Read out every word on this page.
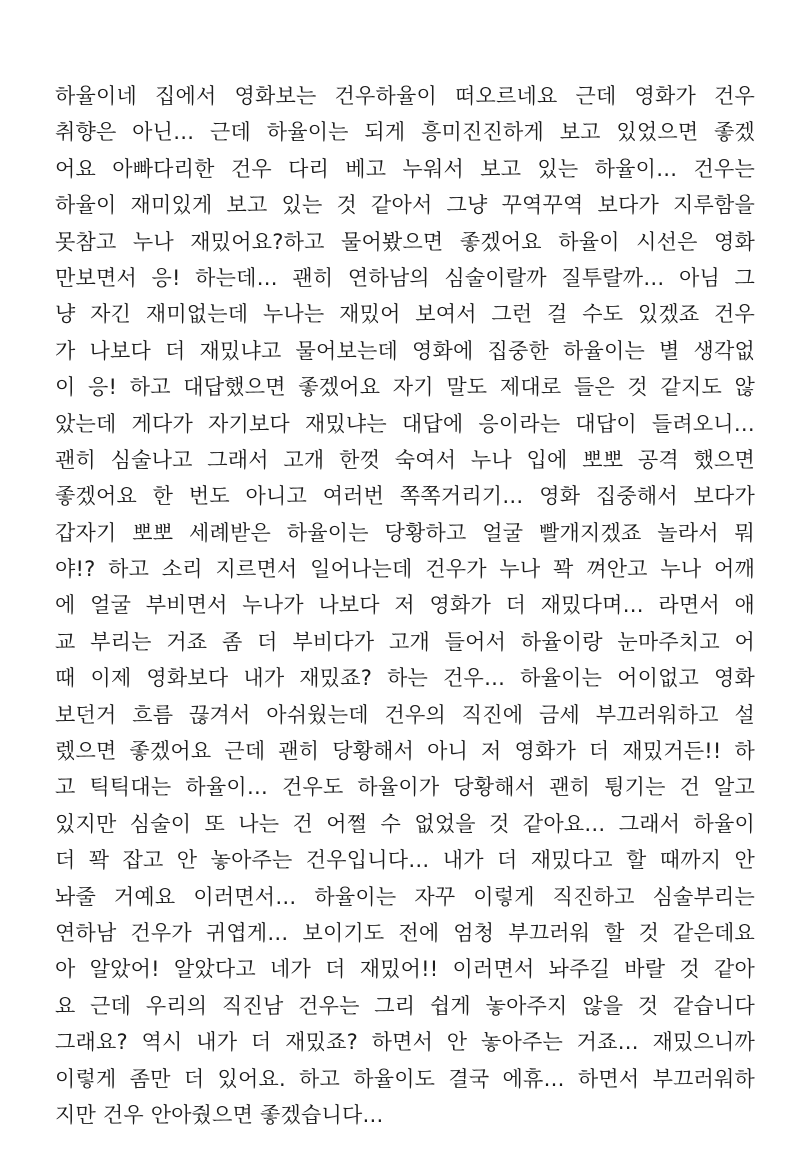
하율이네 집에서 영화보는 건우하율이 떠오르네요 근데 영화가 건우
취향은 아닌… 근데 하율이는 되게 흥미진진하게 보고 있었으면 좋겠
어요 아빠다리한 건우 다리 베고 누워서 보고 있는 하율이… 건우는
하율이 재미있게 보고 있는 것 같아서 그냥 꾸역꾸역 보다가 지루함을
못참고 누나 재밌어요?하고 물어봤으면 좋겠어요 하율이 시선은 영화
만보면서 응! 하는데… 괜히 연하남의 심술이랄까 질투랄까… 아님 그
냥 자긴 재미없는데 누나는 재밌어 보여서 그런 걸 수도 있겠죠 건우
가 나보다 더 재밌냐고 물어보는데 영화에 집중한 하율이는 별 생각없
이 응! 하고 대답했으면 좋겠어요 자기 말도 제대로 들은 것 같지도 않
았는데 게다가 자기보다 재밌냐는 대답에 응이라는 대답이 들려오니…
괜히 심술나고 그래서 고개 한껏 숙여서 누나 입에 뽀뽀 공격 했으면
좋겠어요 한 번도 아니고 여러번 쪽쪽거리기… 영화 집중해서 보다가
갑자기 뽀뽀 세례받은 하율이는 당황하고 얼굴 빨개지겠죠 놀라서 뭐
야!? 하고 소리 지르면서 일어나는데 건우가 누나 꽉 껴안고 누나 어깨
에 얼굴 부비면서 누나가 나보다 저 영화가 더 재밌다며… 라면서 애
교 부리는 거죠 좀 더 부비다가 고개 들어서 하율이랑 눈마주치고 어
때 이제 영화보다 내가 재밌죠? 하는 건우… 하율이는 어이없고 영화
보던거 흐름 끊겨서 아쉬웠는데 건우의 직진에 금세 부끄러워하고 설
렜으면 좋겠어요 근데 괜히 당황해서 아니 저 영화가 더 재밌거든!! 하
고 틱틱대는 하율이… 건우도 하율이가 당황해서 괜히 튕기는 건 알고
있지만 심술이 또 나는 건 어쩔 수 없었을 것 같아요… 그래서 하율이
더 꽉 잡고 안 놓아주는 건우입니다… 내가 더 재밌다고 할 때까지 안
놔줄 거예요 이러면서… 하율이는 자꾸 이렇게 직진하고 심술부리는
연하남 건우가 귀엽게… 보이기도 전에 엄청 부끄러워 할 것 같은데요
아 알았어! 알았다고 네가 더 재밌어!! 이러면서 놔주길 바랄 것 같아
요 근데 우리의 직진남 건우는 그리 쉽게 놓아주지 않을 것 같습니다
그래요? 역시 내가 더 재밌죠? 하면서 안 놓아주는 거죠… 재밌으니까
이렇게 좀만 더 있어요. 하고 하율이도 결국 에휴… 하면서 부끄러워하
지만 건우 안아줬으면 좋겠습니다…
